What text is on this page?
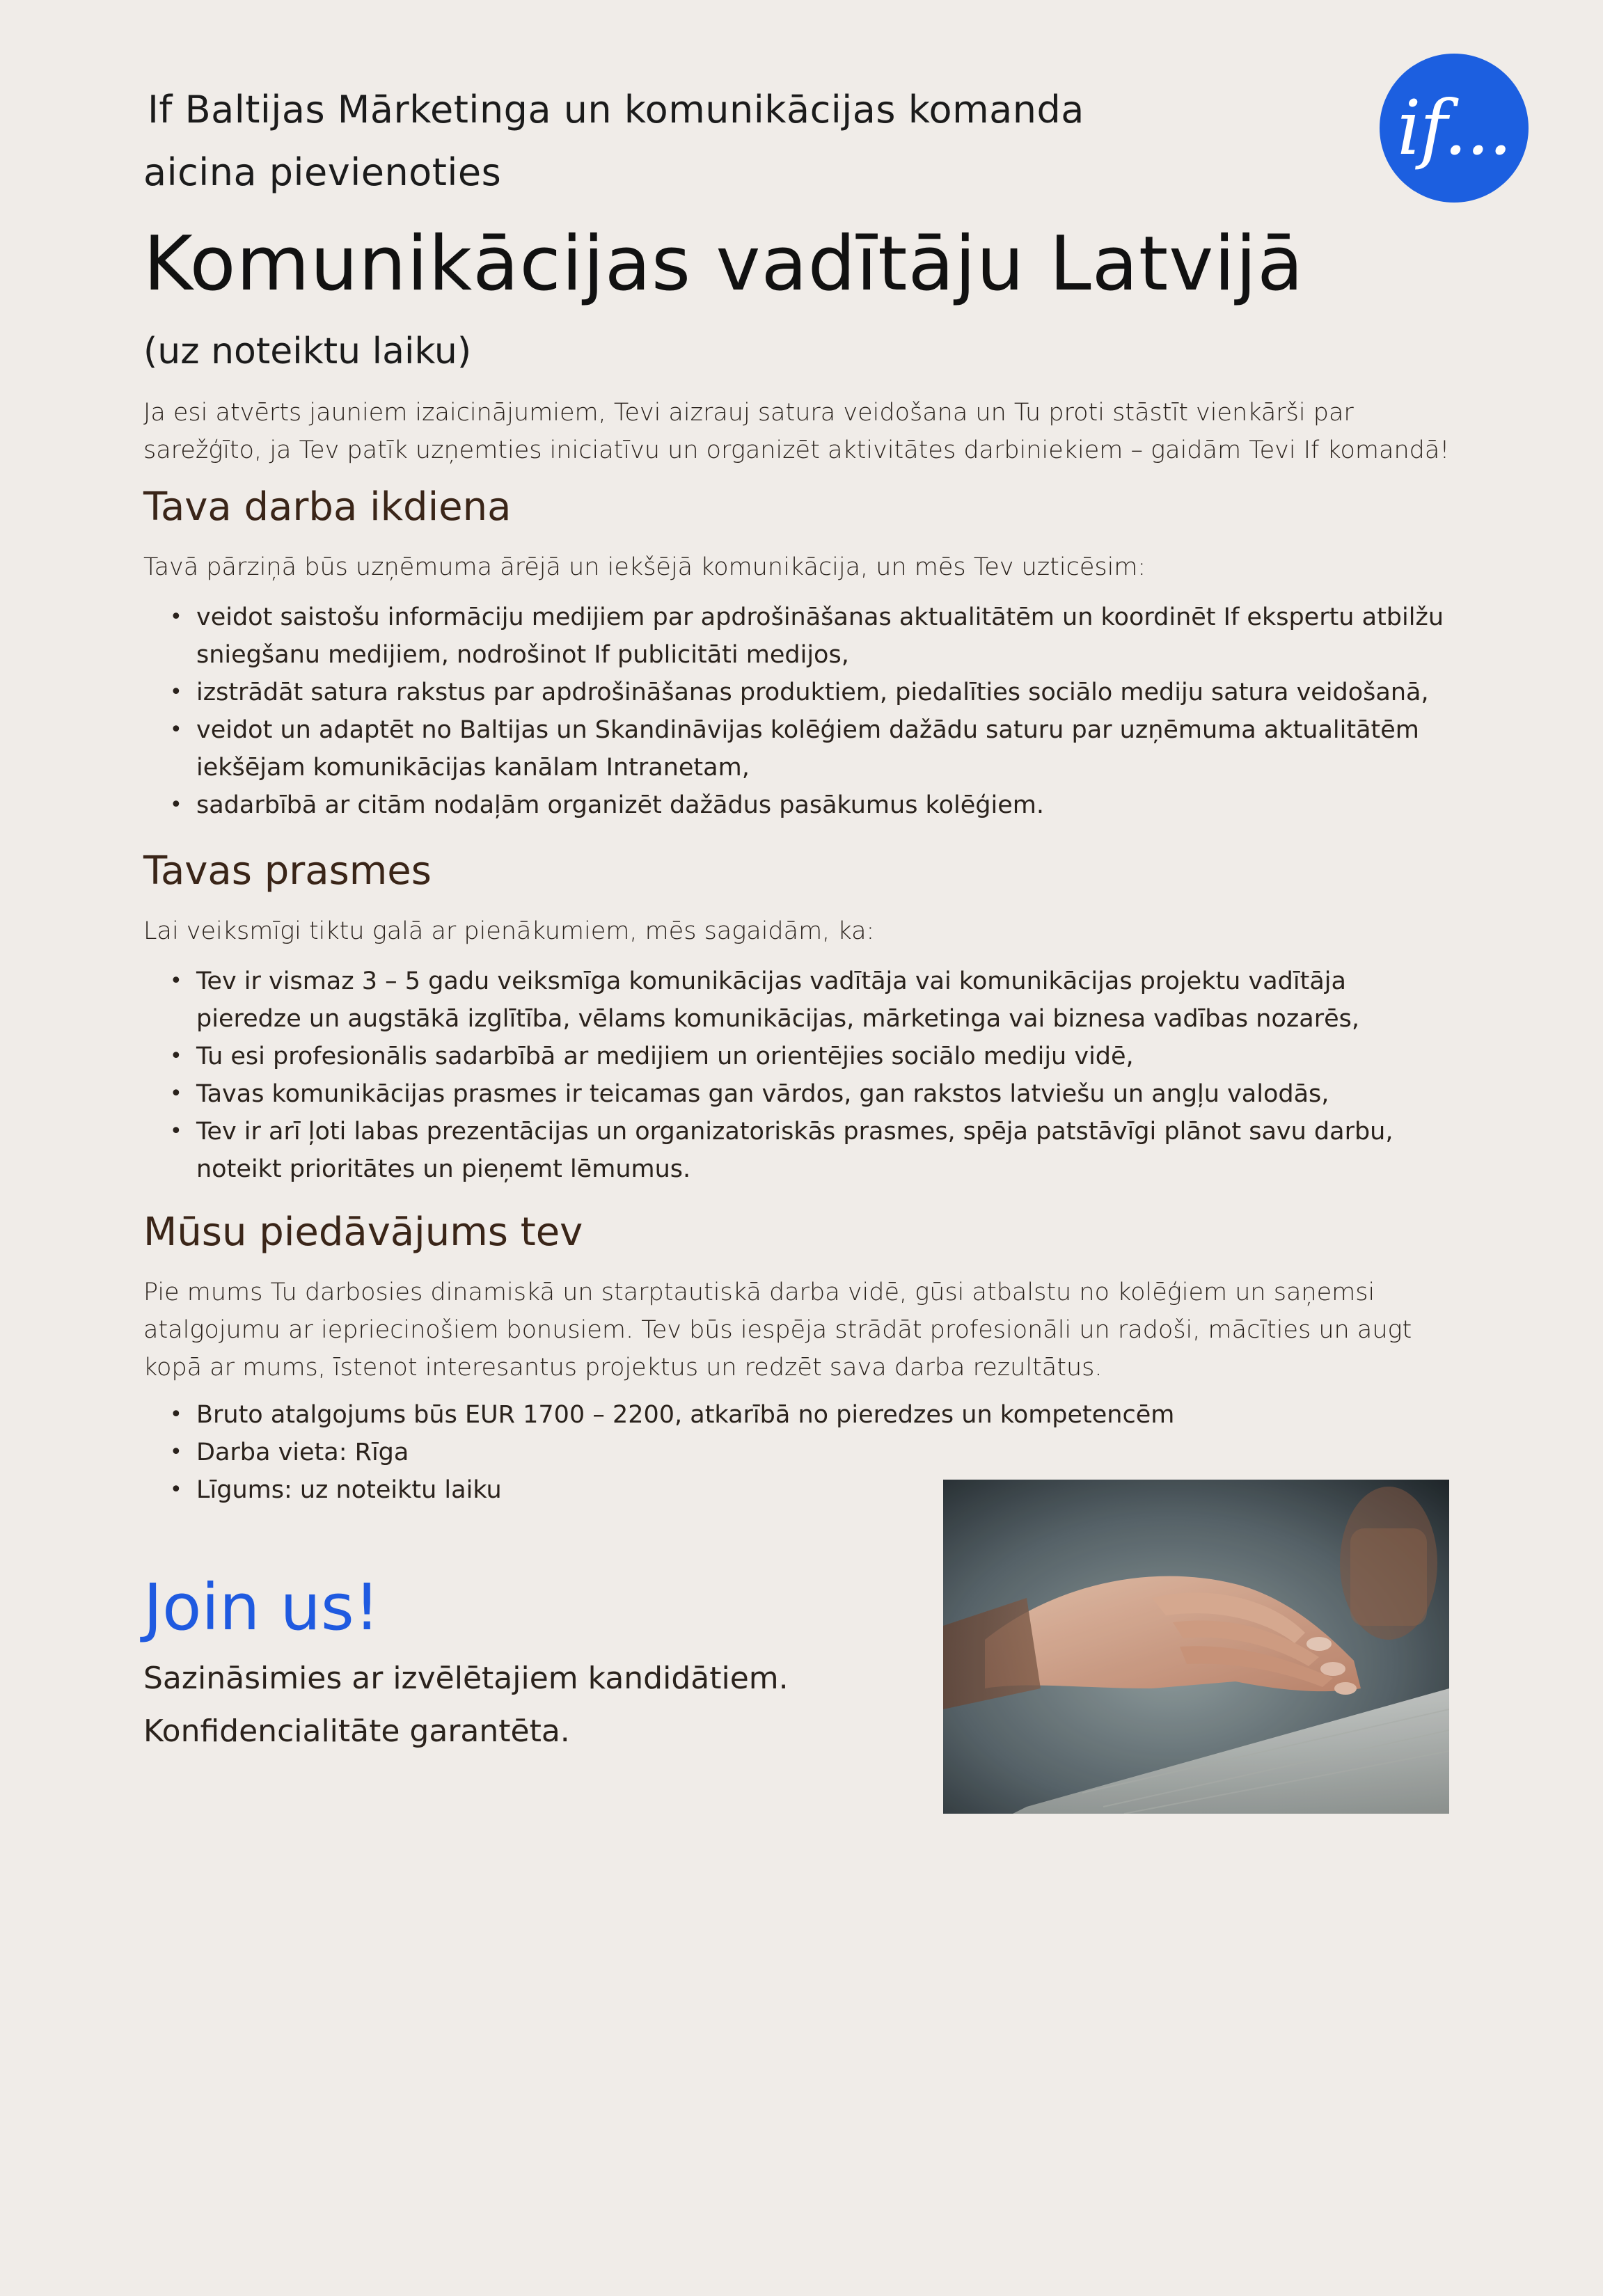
If Baltijas Mārketinga un komunikācijas komanda

aicina pievienoties

Komunikācijas vadītāju Latvijā
(uz noteiktu laiku)

Ja esi atvērts jauniem izaicinājumiem, Tevi aizrauj satura veidošana un Tu proti stāstīt vienkārši par sarežģīto, ja Tev patīk uzņemties iniciatīvu un organizēt aktivitātes darbiniekiem – gaidām Tevi If komandā!

Tava darba ikdiena

Tavā pārziņā būs uzņēmuma ārējā un iekšējā komunikācija, un mēs Tev uzticēsim:

• veidot saistošu informāciju medijiem par apdrošināšanas aktualitātēm un koordinēt If ekspertu atbilžu sniegšanu medijiem, nodrošinot If publicitāti medijos,
• izstrādāt satura rakstus par apdrošināšanas produktiem, piedalīties sociālo mediju satura veidošanā,
• veidot un adaptēt no Baltijas un Skandināvijas kolēģiem dažādu saturu par uzņēmuma aktualitātēm iekšējam komunikācijas kanālam Intranetam,
• sadarbībā ar citām nodaļām organizēt dažādus pasākumus kolēģiem.
Tavas prasmes

Lai veiksmīgi tiktu galā ar pienākumiem, mēs sagaidām, ka:

• Tev ir vismaz 3 – 5 gadu veiksmīga komunikācijas vadītāja vai komunikācijas projektu vadītāja pieredze un augstākā izglītība, vēlams komunikācijas, mārketinga vai biznesa vadības nozarēs,
• Tu esi profesionālis sadarbībā ar medijiem un orientējies sociālo mediju vidē,
• Tavas komunikācijas prasmes ir teicamas gan vārdos, gan rakstos latviešu un angļu valodās,
• Tev ir arī ļoti labas prezentācijas un organizatoriskās prasmes, spēja patstāvīgi plānot savu darbu, noteikt prioritātes un pieņemt lēmumus.
Mūsu piedāvājums tev

Pie mums Tu darbosies dinamiskā un starptautiskā darba vidē, gūsi atbalstu no kolēģiem un saņemsi atalgojumu ar iepriecinošiem bonusiem. Tev būs iespēja strādāt profesionāli un radoši, mācīties un augt kopā ar mums, īstenot interesantus projektus un redzēt sava darba rezultātus.

• Bruto atalgojums būs EUR 1700 – 2200, atkarībā no pieredzes un kompetencēm
• Darba vieta: Rīga
• Līgums: uz noteiktu laiku
if...
Join us!

Sazināsimies ar izvēlētajiem kandidātiem.

Konfidencialitāte garantēta.
